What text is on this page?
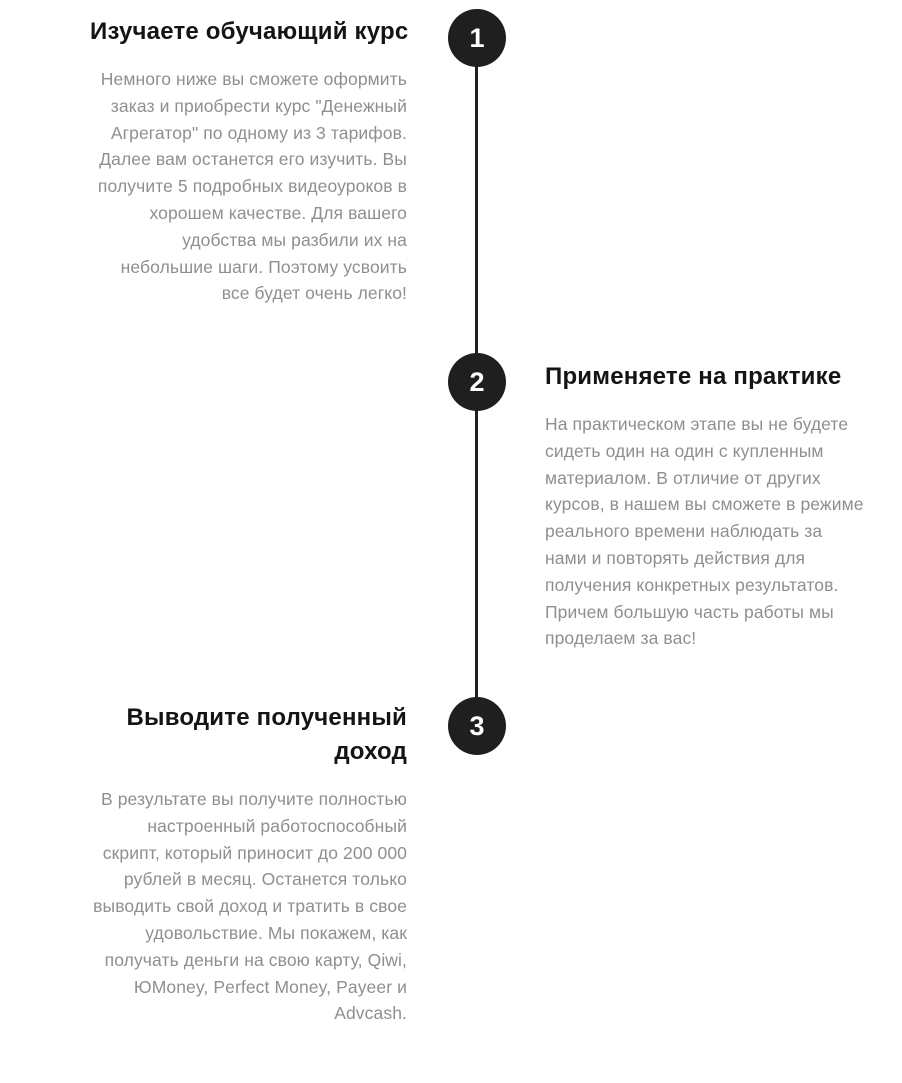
1
2
3
Изучаете обучающий курс

Немного ниже вы сможете оформить заказ и приобрести курс "Денежный Агрегатор" по одному из 3 тарифов. Далее вам останется его изучить. Вы получите 5 подробных видеоуроков в хорошем качестве. Для вашего удобства мы разбили их на небольшие шаги. Поэтому усвоить все будет очень легко!

Применяете на практике

На практическом этапе вы не будете сидеть один на один с купленным материалом. В отличие от других курсов, в нашем вы сможете в режиме реального времени наблюдать за нами и повторять действия для получения конкретных результатов. Причем большую часть работы мы проделаем за вас!

Выводите полученный
доход

В результате вы получите полностью настроенный работоспособный скрипт, который приносит до 200 000 рублей в месяц. Останется только выводить свой доход и тратить в свое удовольствие. Мы покажем, как получать деньги на свою карту, Qiwi, ЮMoney, Perfect Money, Payeer и Advcash.
